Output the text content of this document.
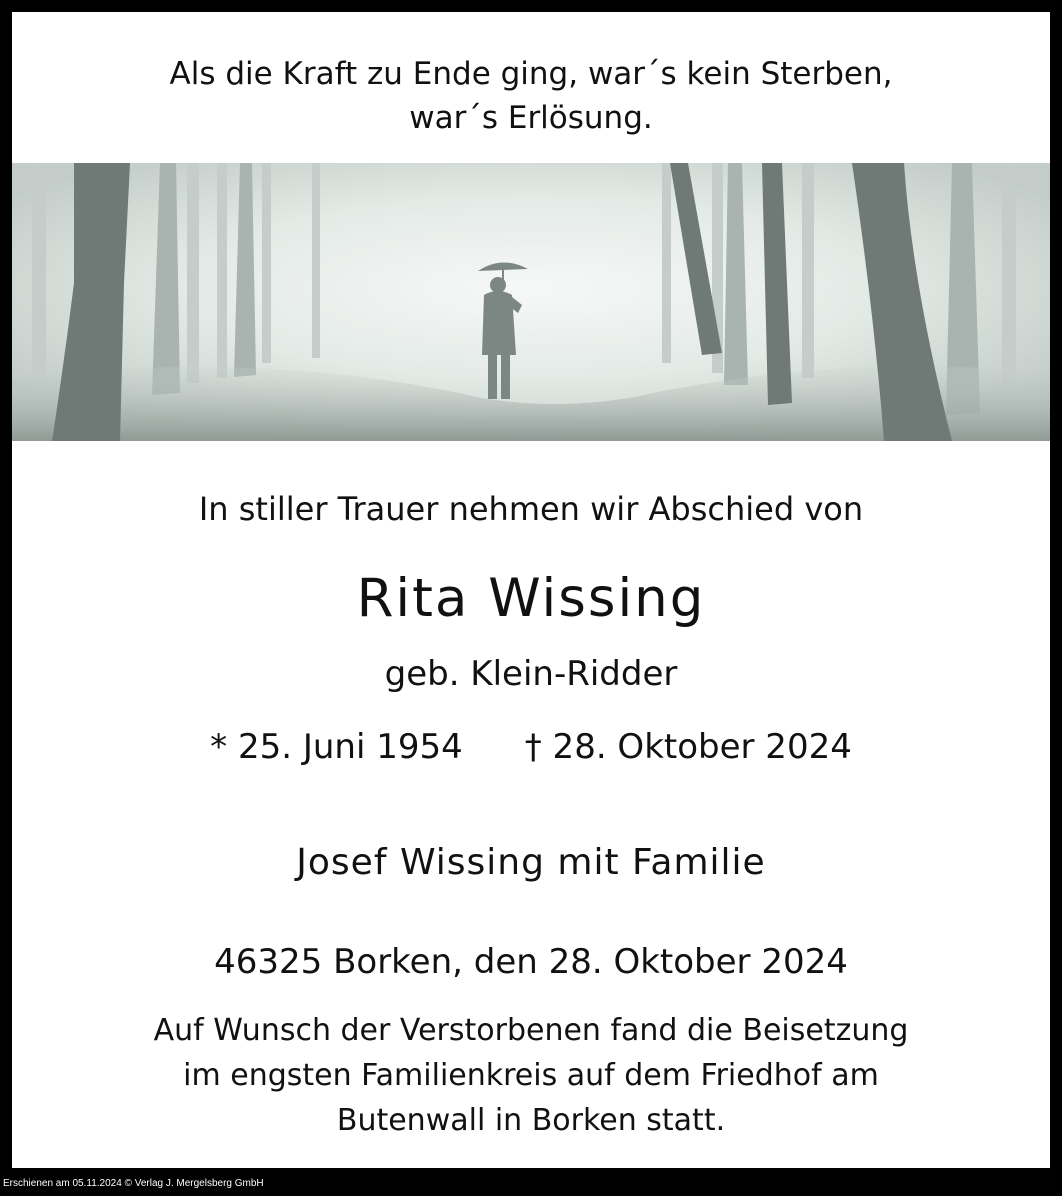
Als die Kraft zu Ende ging, war´s kein Sterben,
war´s Erlösung.
In stiller Trauer nehmen wir Abschied von
Rita Wissing
geb. Klein-Ridder
* 25. Juni 1954 † 28. Oktober 2024
Josef Wissing mit Familie
46325 Borken, den 28. Oktober 2024
Auf Wunsch der Verstorbenen fand die Beisetzung
im engsten Familienkreis auf dem Friedhof am
Butenwall in Borken statt.
Erschienen am 05.11.2024 © Verlag J. Mergelsberg GmbH
